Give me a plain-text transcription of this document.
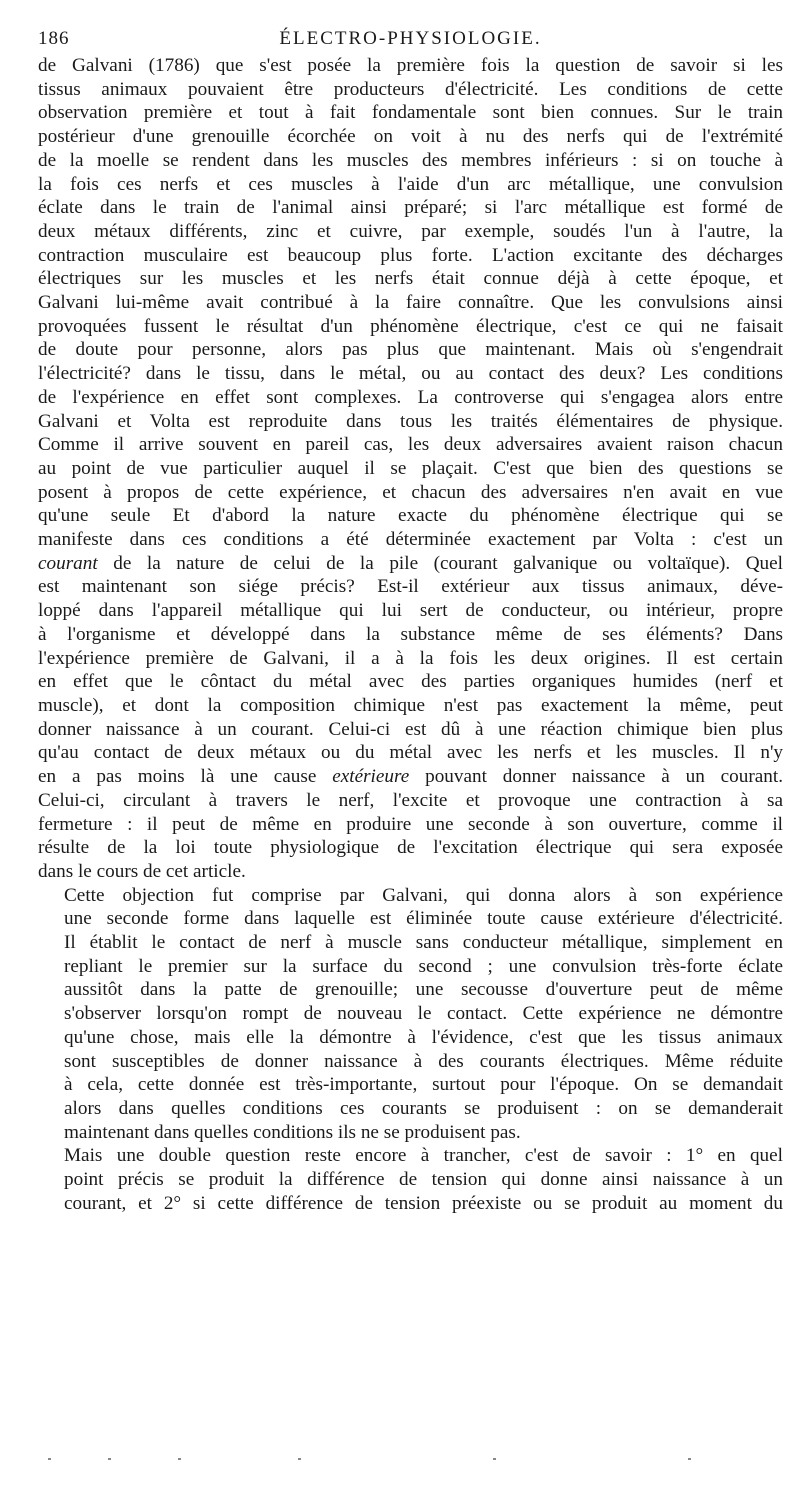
186	ÉLECTRO-PHYSIOLOGIE.

de Galvani (1786) que s'est posée la première fois la question de savoir si les
tissus animaux pouvaient être producteurs d'électricité. Les conditions de cette
observation première et tout à fait fondamentale sont bien connues. Sur le train
postérieur d'une grenouille écorchée on voit à nu des nerfs qui de l'extrémité
de la moelle se rendent dans les muscles des membres inférieurs : si on touche à
la fois ces nerfs et ces muscles à l'aide d'un arc métallique, une convulsion
éclate dans le train de l'animal ainsi préparé; si l'arc métallique est formé de
deux métaux différents, zinc et cuivre, par exemple, soudés l'un à l'autre, la
contraction musculaire est beaucoup plus forte. L'action excitante des décharges
électriques sur les muscles et les nerfs était connue déjà à cette époque, et
Galvani lui-même avait contribué à la faire connaître. Que les convulsions ainsi
provoquées fussent le résultat d'un phénomène électrique, c'est ce qui ne faisait
de doute pour personne, alors pas plus que maintenant. Mais où s'engendrait
l'électricité? dans le tissu, dans le métal, ou au contact des deux? Les conditions
de l'expérience en effet sont complexes. La controverse qui s'engagea alors entre
Galvani et Volta est reproduite dans tous les traités élémentaires de physique.
Comme il arrive souvent en pareil cas, les deux adversaires avaient raison chacun
au point de vue particulier auquel il se plaçait. C'est que bien des questions se
posent à propos de cette expérience, et chacun des adversaires n'en avait en vue
qu'une seule Et d'abord la nature exacte du phénomène électrique qui se
manifeste dans ces conditions a été déterminée exactement par Volta : c'est un
courant de la nature de celui de la pile (courant galvanique ou voltaïque). Quel
est maintenant son siége précis? Est-il extérieur aux tissus animaux, déve-
loppé dans l'appareil métallique qui lui sert de conducteur, ou intérieur, propre
à l'organisme et développé dans la substance même de ses éléments? Dans
l'expérience première de Galvani, il a à la fois les deux origines. Il est certain
en effet que le côntact du métal avec des parties organiques humides (nerf et
muscle), et dont la composition chimique n'est pas exactement la même, peut
donner naissance à un courant. Celui-ci est dû à une réaction chimique bien plus
qu'au contact de deux métaux ou du métal avec les nerfs et les muscles. Il n'y
en a pas moins là une cause extérieure pouvant donner naissance à un courant.
Celui-ci, circulant à travers le nerf, l'excite et provoque une contraction à sa
fermeture : il peut de même en produire une seconde à son ouverture, comme il
résulte de la loi toute physiologique de l'excitation électrique qui sera exposée
dans le cours de cet article.

Cette objection fut comprise par Galvani, qui donna alors à son expérience
une seconde forme dans laquelle est éliminée toute cause extérieure d'électricité.
Il établit le contact de nerf à muscle sans conducteur métallique, simplement en
repliant le premier sur la surface du second ; une convulsion très-forte éclate
aussitôt dans la patte de grenouille; une secousse d'ouverture peut de même
s'observer lorsqu'on rompt de nouveau le contact. Cette expérience ne démontre
qu'une chose, mais elle la démontre à l'évidence, c'est que les tissus animaux
sont susceptibles de donner naissance à des courants électriques. Même réduite
à cela, cette donnée est très-importante, surtout pour l'époque. On se demandait
alors dans quelles conditions ces courants se produisent : on se demanderait
maintenant dans quelles conditions ils ne se produisent pas.

Mais une double question reste encore à trancher, c'est de savoir : 1° en quel
point précis se produit la différence de tension qui donne ainsi naissance à un
courant, et 2° si cette différence de tension préexiste ou se produit au moment du
